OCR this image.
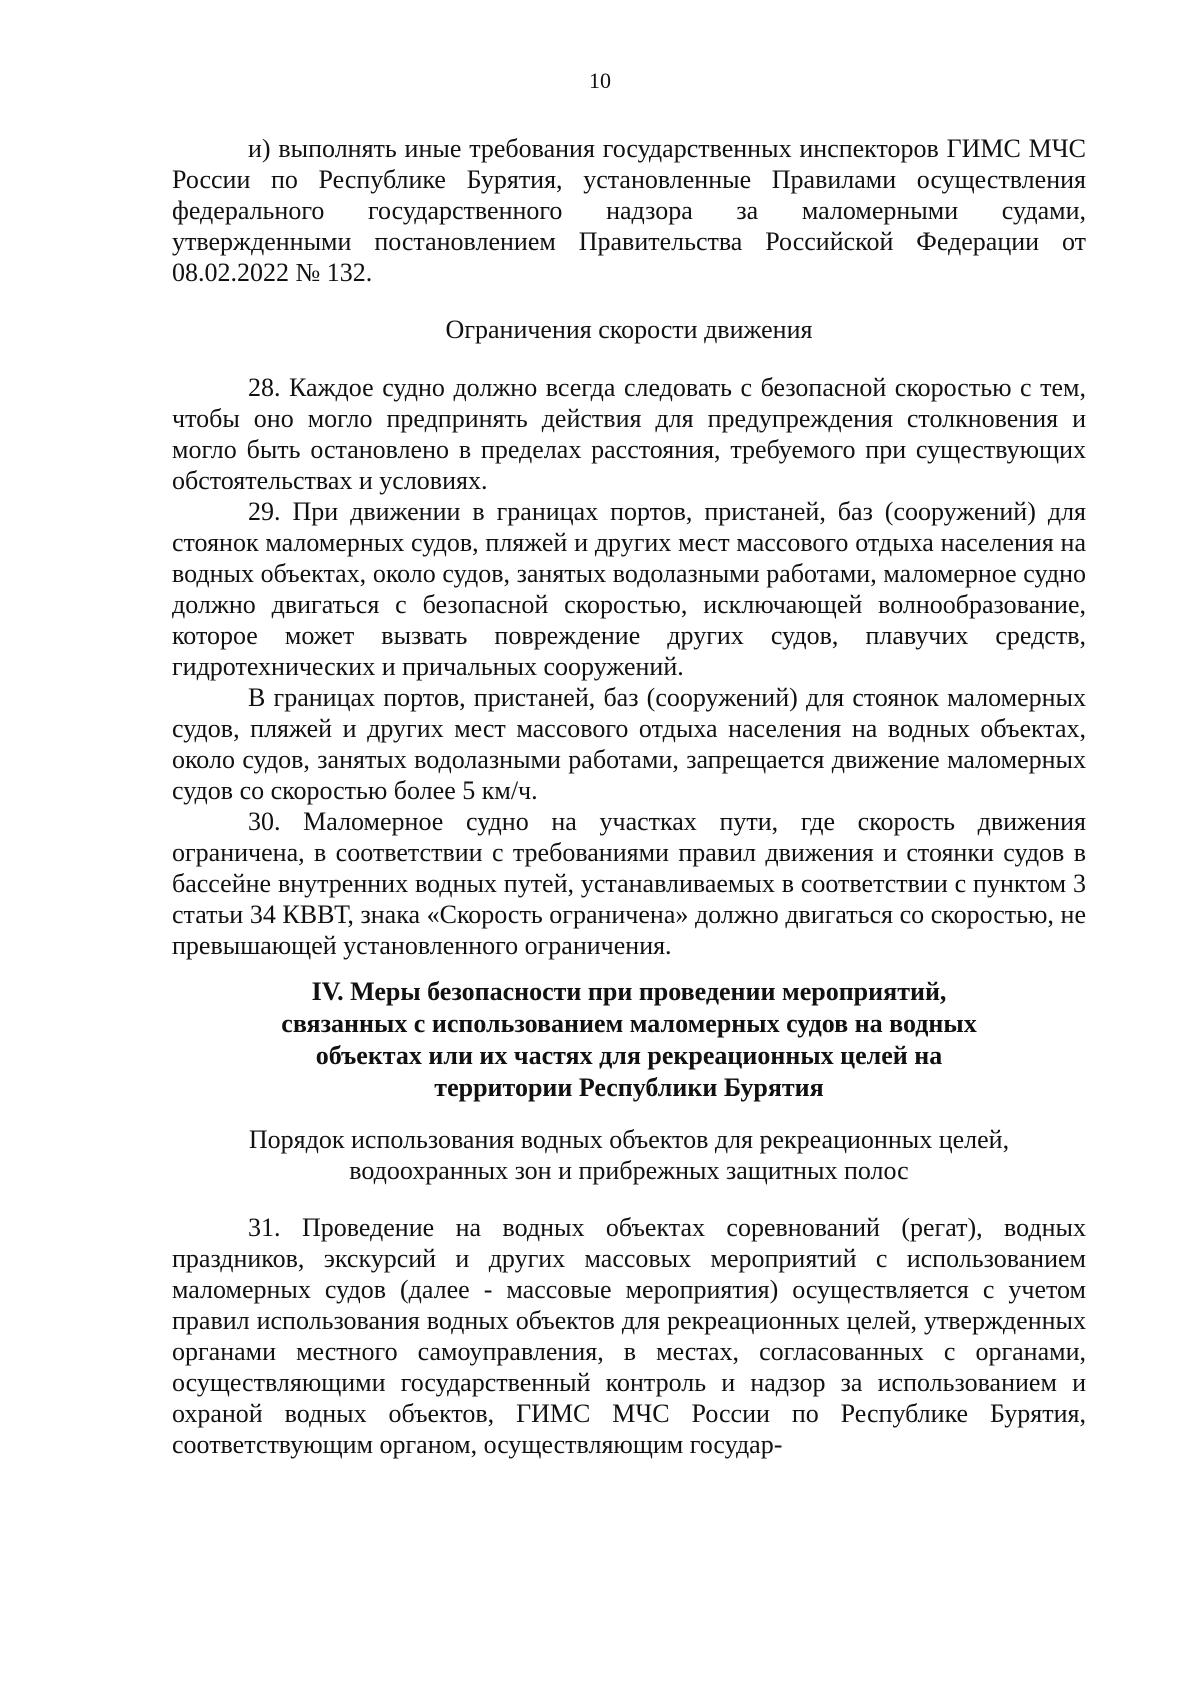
10

и) выполнять иные требования государственных инспекторов ГИМС МЧС России по Республике Бурятия, установленные Правилами осуществления федерального государственного надзора за маломерными судами, утвержденными постановлением Правительства Российской Федерации от 08.02.2022 № 132.

Ограничения скорости движения

28. Каждое судно должно всегда следовать с безопасной скоростью с тем, чтобы оно могло предпринять действия для предупреждения столкновения и могло быть остановлено в пределах расстояния, требуемого при существующих обстоятельствах и условиях.

29. При движении в границах портов, пристаней, баз (сооружений) для стоянок маломерных судов, пляжей и других мест массового отдыха населения на водных объектах, около судов, занятых водолазными работами, маломерное судно должно двигаться с безопасной скоростью, исключающей волнообразование, которое может вызвать повреждение других судов, плавучих средств, гидротехнических и причальных сооружений.

В границах портов, пристаней, баз (сооружений) для стоянок маломерных судов, пляжей и других мест массового отдыха населения на водных объектах, около судов, занятых водолазными работами, запрещается движение маломерных судов со скоростью более 5 км/ч.

30. Маломерное судно на участках пути, где скорость движения ограничена, в соответствии с требованиями правил движения и стоянки судов в бассейне внутренних водных путей, устанавливаемых в соответствии с пунктом 3 статьи 34 КВВТ, знака «Скорость ограничена» должно двигаться со скоростью, не превышающей установленного ограничения.

IV. Меры безопасности при проведении мероприятий,
связанных с использованием маломерных судов на водных
объектах или их частях для рекреационных целей на
территории Республики Бурятия
Порядок использования водных объектов для рекреационных целей,
водоохранных зон и прибрежных защитных полос

31. Проведение на водных объектах соревнований (регат), водных праздников, экскурсий и других массовых мероприятий с использованием маломерных судов (далее - массовые мероприятия) осуществляется с учетом правил использования водных объектов для рекреационных целей, утвержденных органами местного самоуправления, в местах, согласованных с органами, осуществляющими государственный контроль и надзор за использованием и охраной водных объектов, ГИМС МЧС России по Республике Бурятия, соответствующим органом, осуществляющим государ-
